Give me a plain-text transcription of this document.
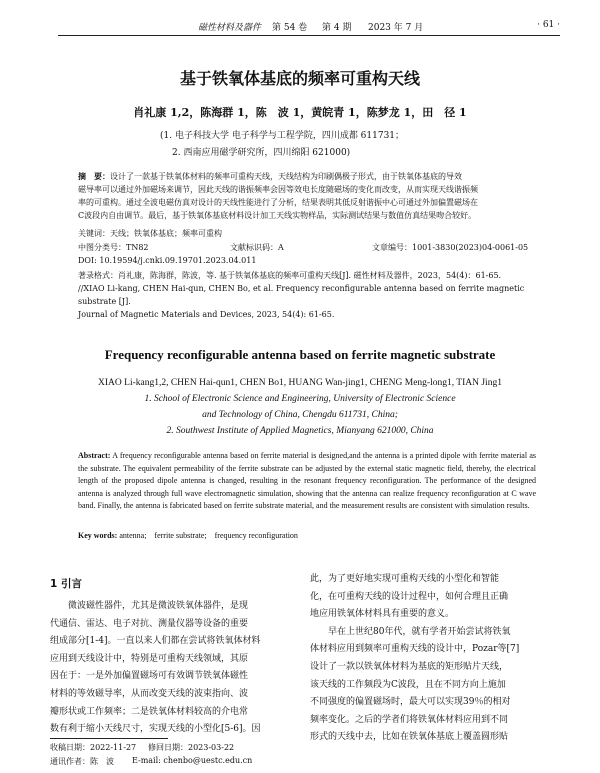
磁性材料及器件 第 54 卷 第 4 期 2023 年 7 月	· 61 ·
基于铁氧体基底的频率可重构天线
肖礼康 1,2，陈海群 1，陈　波 1，黄皖青 1，陈梦龙 1，田　径 1
(1. 电子科技大学 电子科学与工程学院，四川成都 611731；
2. 西南应用磁学研究所，四川绵阳 621000)
摘　要：设计了一款基于铁氧体材料的频率可重构天线，天线结构为印刷偶极子形式，由于铁氧体基底的导效
磁导率可以通过外加磁场来调节，因此天线的谐振频率会因等效电长度随磁场的变化而改变，从而实现天线谐振频
率的可重构。通过全波电磁仿真对设计的天线性能进行了分析，结果表明其低反射谐振中心可通过外加偏置磁场在
C波段内自由调节。最后，基于铁氧体基底材料设计加工天线实物样品，实际测试结果与数值仿真结果吻合较好。
关键词：天线；铁氧体基底；频率可重构
中图分类号：TN82	文献标识码：A	文章编号：1001-3830(2023)04-0061-05
DOI: 10.19594/j.cnki.09.19701.2023.04.011
著录格式：肖礼康，陈海群，陈波，等. 基于铁氧体基底的频率可重构天线[J]. 磁性材料及器件，2023，54(4)：61-65.
//XIAO Li-kang, CHEN Hai-qun, CHEN Bo, et al. Frequency reconfigurable antenna based on ferrite magnetic substrate [J].
Journal of Magnetic Materials and Devices, 2023, 54(4): 61-65.
Frequency reconfigurable antenna based on ferrite magnetic substrate
XIAO Li-kang1,2, CHEN Hai-qun1, CHEN Bo1, HUANG Wan-jing1, CHENG Meng-long1, TIAN Jing1
1. School of Electronic Science and Engineering, University of Electronic Science
and Technology of China, Chengdu 611731, China;
2. Southwest Institute of Applied Magnetics, Mianyang 621000, China
Abstract: A frequency reconfigurable antenna based on ferrite material is designed,and the antenna is a printed dipole with ferrite material as the substrate. The equivalent permeability of the ferrite substrate can be adjusted by the external static magnetic field, thereby, the electrical length of the proposed dipole antenna is changed, resulting in the resonant frequency reconfiguration. The performance of the designed antenna is analyzed through full wave electromagnetic simulation, showing that the antenna can realize frequency reconfiguration at C wave band. Finally, the antenna is fabricated based on ferrite substrate material, and the measurement results are consistent with simulation results.
Key words: antenna;　ferrite substrate;　frequency reconfiguration
1 引言
　　微波磁性器件，尤其是微波铁氧体器件，是现
代通信、雷达、电子对抗、测量仪器等设备的重要
组成部分[1-4]。一直以来人们都在尝试将铁氧体材料
应用到天线设计中，特别是可重构天线领域，其原
因在于：一是外加偏置磁场可有效调节铁氧体磁性
材料的等效磁导率，从而改变天线的波束指向、波
瓣形状或工作频率；二是铁氧体材料较高的介电常
数有利于缩小天线尺寸，实现天线的小型化[5-6]。因
此，为了更好地实现可重构天线的小型化和智能
化，在可重构天线的设计过程中，如何合理且正确
地应用铁氧体材料具有重要的意义。
　　早在上世纪80年代，就有学者开始尝试将铁氧
体材料应用到频率可重构天线的设计中，Pozar等[7]
设计了一款以铁氧体材料为基底的矩形贴片天线，
该天线的工作频段为C波段，且在不同方向上施加
不同强度的偏置磁场时，最大可以实现39％的相对
频率变化。之后的学者们将铁氧体材料应用到不同
形式的天线中去，比如在铁氧体基底上覆盖圆形贴
收稿日期：2022-11-27 修回日期：2023-03-22
通讯作者：陈　波 E-mail: chenbo@uestc.edu.cn
